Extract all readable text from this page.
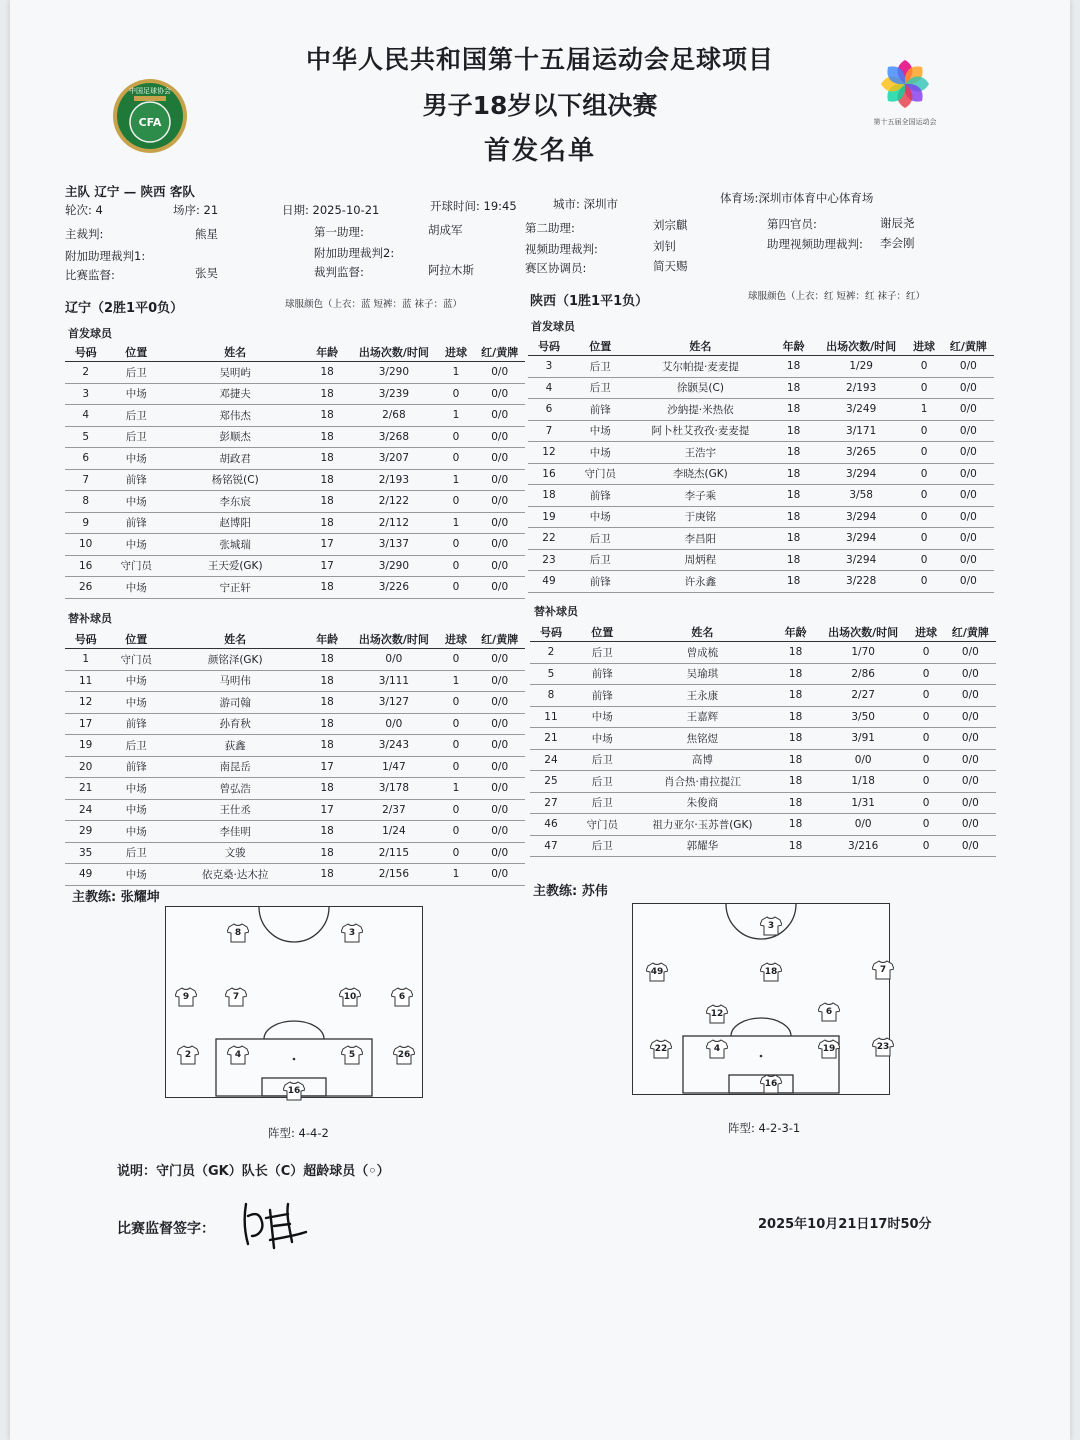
CFA
中国足球协会
第十五届全国运动会
中华人民共和国第十五届运动会足球项目
男子18岁以下组决赛
首发名单
主队 辽宁 — 陕西 客队	体育场:深圳市体育中心体育场
轮次: 4	场序: 21	日期: 2025-10-21	开球时间: 19:45	城市: 深圳市
主裁判:	熊星	第一助理:	胡成军	第二助理:	刘宗麒	第四官员:	谢辰尧
附加助理裁判1:	附加助理裁判2:	视频助理裁判:	刘钊	助理视频助理裁判: 李会刚
比赛监督:	张昊	裁判监督:	阿拉木斯	赛区协调员:	简天赐
辽宁（2胜1平0负）	球服颜色（上衣：蓝 短裤：蓝 袜子：蓝）	陕西（1胜1平1负）	球服颜色（上衣：红 短裤：红 袜子：红）
首发球员
首发球员
号码	位置	姓名	年龄	出场次数/时间	进球	红/黄牌
2	后卫	吴明屿	18	3/290	1	0/0
3	中场	邓捷夫	18	3/239	0	0/0
4	后卫	郑伟杰	18	2/68	1	0/0
5	后卫	彭顺杰	18	3/268	0	0/0
6	中场	胡政君	18	3/207	0	0/0
7	前锋	杨铭锐(C)	18	2/193	1	0/0
8	中场	李东宸	18	2/122	0	0/0
9	前锋	赵博阳	18	2/112	1	0/0
10	中场	张城瑞	17	3/137	0	0/0
16	守门员	王天爱(GK)	17	3/290	0	0/0
26	中场	宁正轩	18	3/226	0	0/0
号码	位置	姓名	年龄	出场次数/时间	进球	红/黄牌
3	后卫	艾尔帕提·麦麦提	18	1/29	0	0/0
4	后卫	徐颢昊(C)	18	2/193	0	0/0
6	前锋	沙納提·米热依	18	3/249	1	0/0
7	中场	阿卜杜艾孜孜·麦麦提	18	3/171	0	0/0
12	中场	王浩宇	18	3/265	0	0/0
16	守门员	李晓杰(GK)	18	3/294	0	0/0
18	前锋	李子乘	18	3/58	0	0/0
19	中场	于庚铭	18	3/294	0	0/0
22	后卫	李昌阳	18	3/294	0	0/0
23	后卫	周炳程	18	3/294	0	0/0
49	前锋	许永鑫	18	3/228	0	0/0
替补球员
替补球员
号码	位置	姓名	年龄	出场次数/时间	进球	红/黄牌
1	守门员	颜铭泽(GK)	18	0/0	0	0/0
11	中场	马明伟	18	3/111	1	0/0
12	中场	游司翰	18	3/127	0	0/0
17	前锋	孙育秋	18	0/0	0	0/0
19	后卫	荻鑫	18	3/243	0	0/0
20	前锋	南昆岳	17	1/47	0	0/0
21	中场	曾弘浩	18	3/178	1	0/0
24	中场	王仕丞	17	2/37	0	0/0
29	中场	李佳明	18	1/24	0	0/0
35	后卫	文骏	18	2/115	0	0/0
49	中场	依克桑·达木拉	18	2/156	1	0/0
号码	位置	姓名	年龄	出场次数/时间	进球	红/黄牌
2	后卫	曾成梳	18	1/70	0	0/0
5	前锋	吴瑜琪	18	2/86	0	0/0
8	前锋	王永康	18	2/27	0	0/0
11	中场	王嘉辉	18	3/50	0	0/0
21	中场	焦铭煜	18	3/91	0	0/0
24	后卫	高博	18	0/0	0	0/0
25	后卫	肖合热·甫拉提江	18	1/18	0	0/0
27	后卫	朱俊商	18	1/31	0	0/0
46	守门员	祖力亚尔·玉苏普(GK)	18	0/0	0	0/0
47	后卫	郭耀华	18	3/216	0	0/0
主教练: 张耀坤	主教练: 苏伟
8	3
9	7	10	6
2	4	5	26
16
3
49	18	7
12	6
22	4	19	23
16
阵型: 4-4-2	阵型: 4-2-3-1
说明：守门员（GK）队长（C）超龄球员（◦）
比赛监督签字：	2025年10月21日17时50分
